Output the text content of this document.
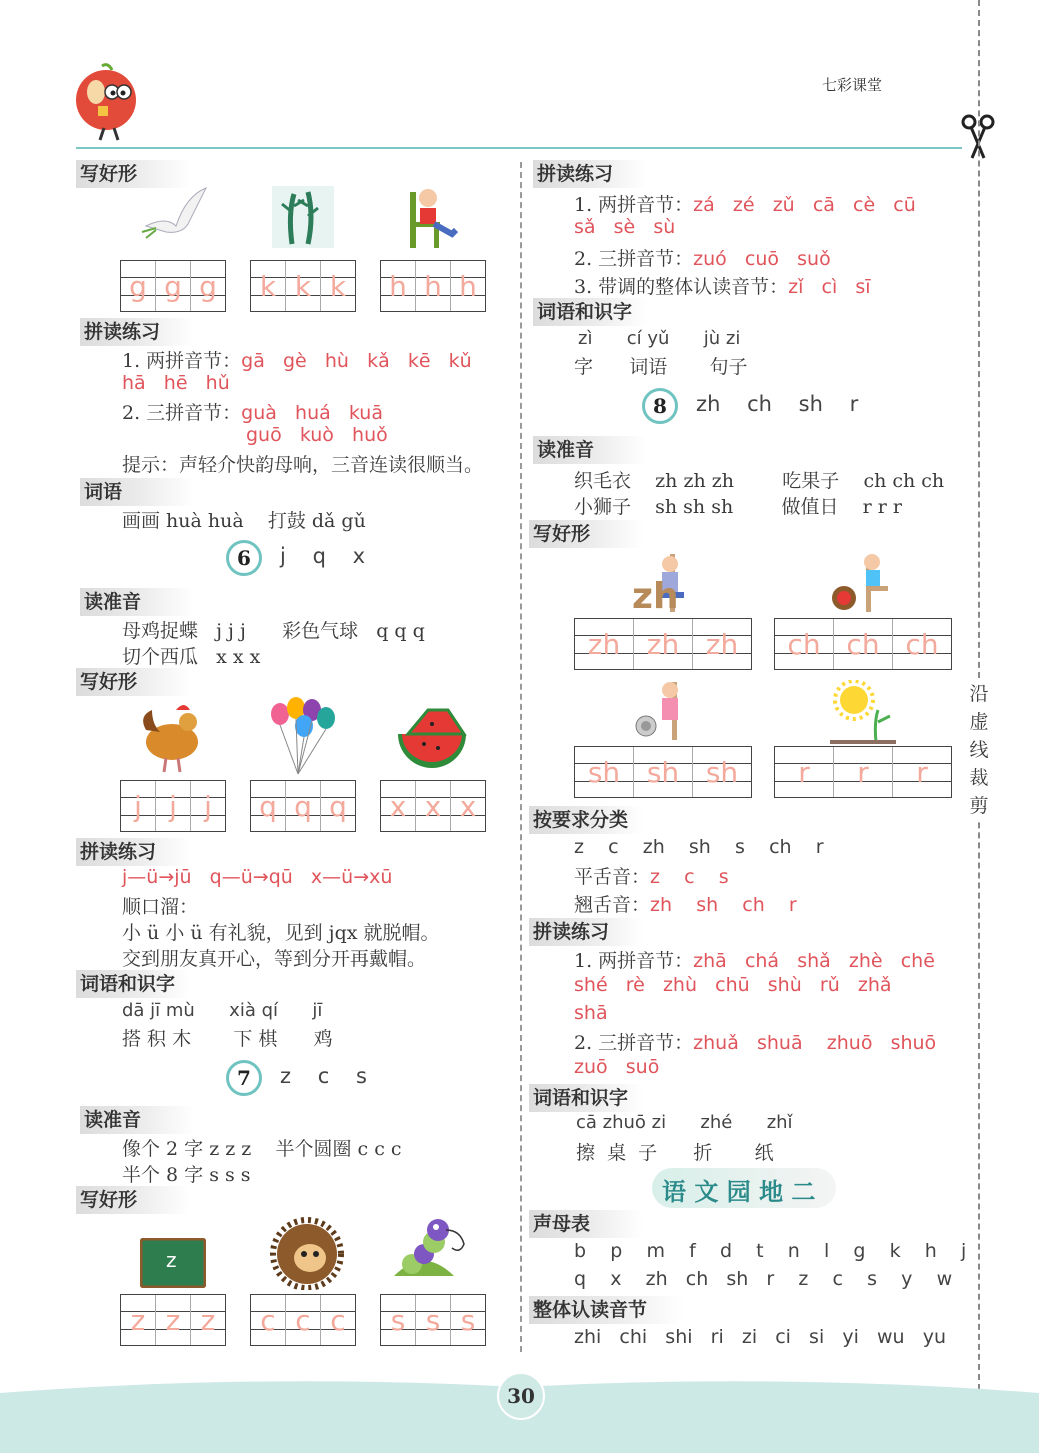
七彩课堂
沿
虚
线
裁
剪
写好形
g g g	k k k	h h h
拼读练习
1. 两拼音节：gā   gè   hù   kǎ   kē   kǔ
hā   hē   hǔ
2. 三拼音节：guà   huá   kuā
guō   kuò   huǒ
提示：声轻介快韵母响，三音连读很顺当。
词语
画画 huà huà    打鼓 dǎ gǔ
6 j    q    x
读准音
母鸡捉蝶   j j j      彩色气球   q q q
切个西瓜   x x x
写好形
j j j	q q q	x x x
拼读练习
j—ü→jū   q—ü→qū   x—ü→xū
顺口溜：
小 ü 小 ü 有礼貌，见到 jqx 就脱帽。
交到朋友真开心，等到分开再戴帽。
词语和识字
dā jī mù      xià qí      jī
搭 积 木       下 棋      鸡
7 z    c    s
读准音
像个 2 字 z z z    半个圆圈 c c c
半个 8 字 s s s
写好形
z
z z z	c c c	s s s
拼读练习
1. 两拼音节：zá   zé   zǔ   cā   cè   cū
sǎ   sè   sù
2. 三拼音节：zuó   cuō   suǒ
3. 带调的整体认读音节：zǐ   cì   sī
词语和识字
zì      cí yǔ      jù zi
字      词语       句子
8 zh    ch    sh    r
读准音
织毛衣    zh zh zh        吃果子    ch ch ch
小狮子    sh sh sh        做值日    r r r
写好形
zh
zh zh zh	ch ch ch
sh sh sh	r	r	r
按要求分类
z    c    zh    sh    s    ch    r
平舌音：z    c    s
翘舌音：zh    sh    ch    r
拼读练习
1. 两拼音节：zhā   chá   shǎ   zhè   chē
shé   rè   zhù   chū   shù   rǔ   zhǎ
shā
2. 三拼音节：zhuǎ   shuā    zhuō   shuō
zuō   suō
词语和识字
cā zhuō zi      zhé      zhǐ
擦  桌  子      折       纸
语 文 园 地 二
声母表
b    p    m    f    d    t    n    l    g    k    h    j
q    x    zh   ch   sh   r    z    c    s    y    w
整体认读音节
zhi   chi   shi   ri   zi   ci   si   yi   wu   yu
30
